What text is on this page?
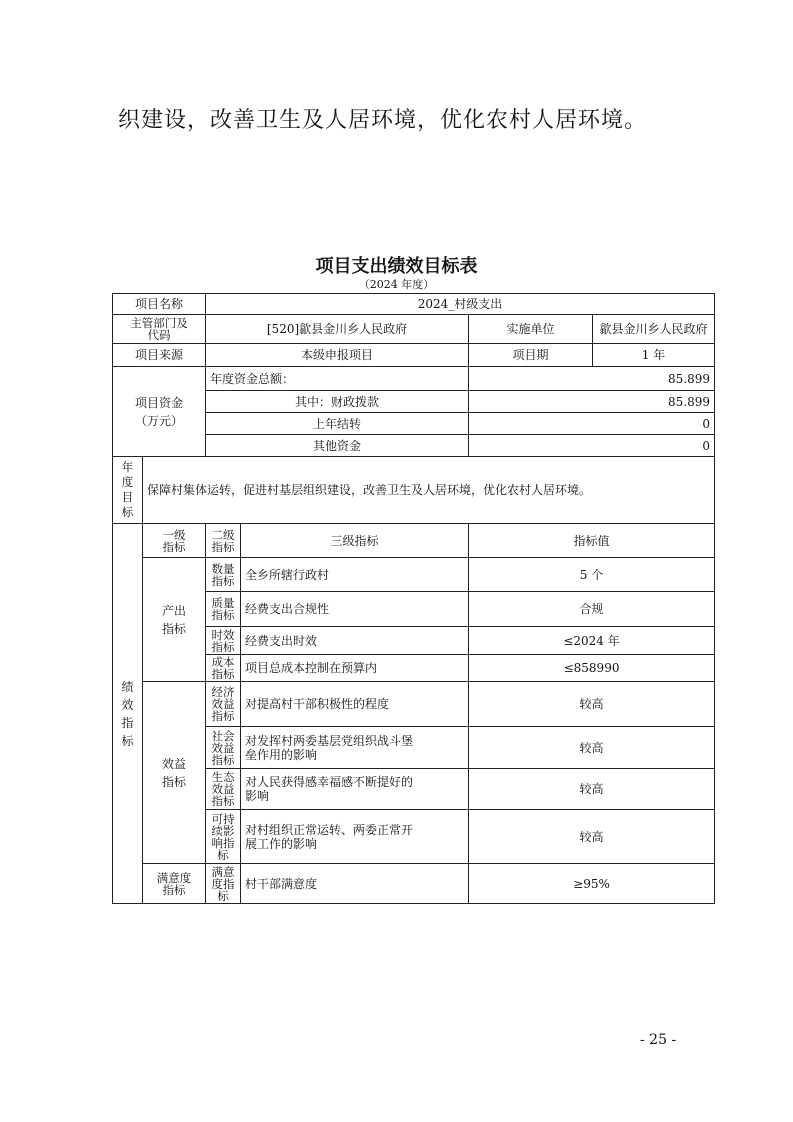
织建设，改善卫生及人居环境，优化农村人居环境。
项目支出绩效目标表
（2024 年度）
项目名称		2024_村级支出			

主管部门及代码		[520]歙县金川乡人民政府		实施单位	歙县金川乡人民政府
项目来源		本级申报项目		项目期	1 年

项目资金（万元）		年度资金总额：		85.899	
		其中：财政拨款		85.899	
		上年结转		0	
		其他资金		0	

年度目标	保障村集体运转，促进村基层组织建设，改善卫生及人居环境，优化农村人居环境。				

绩效指标	一级指标	二级指标	三级指标	指标值	

	产出指标	数量指标	全乡所辖行政村	5 个	

		质量指标	经费支出合规性	合规	

		时效指标	经费支出时效	≤2024 年	

		成本指标	项目总成本控制在预算内	≤858990	

	效益指标	经济效益指标	对提高村干部积极性的程度	较高	

		社会效益指标	对发挥村两委基层党组织战斗堡垒作用的影响	较高	

		生态效益指标	对人民获得感幸福感不断提好的影响	较高	

		可持续影响指标	对村组织正常运转、两委正常开展工作的影响	较高	

	满意度指标	满意度指标	村干部满意度	≥95%	
- 25 -
